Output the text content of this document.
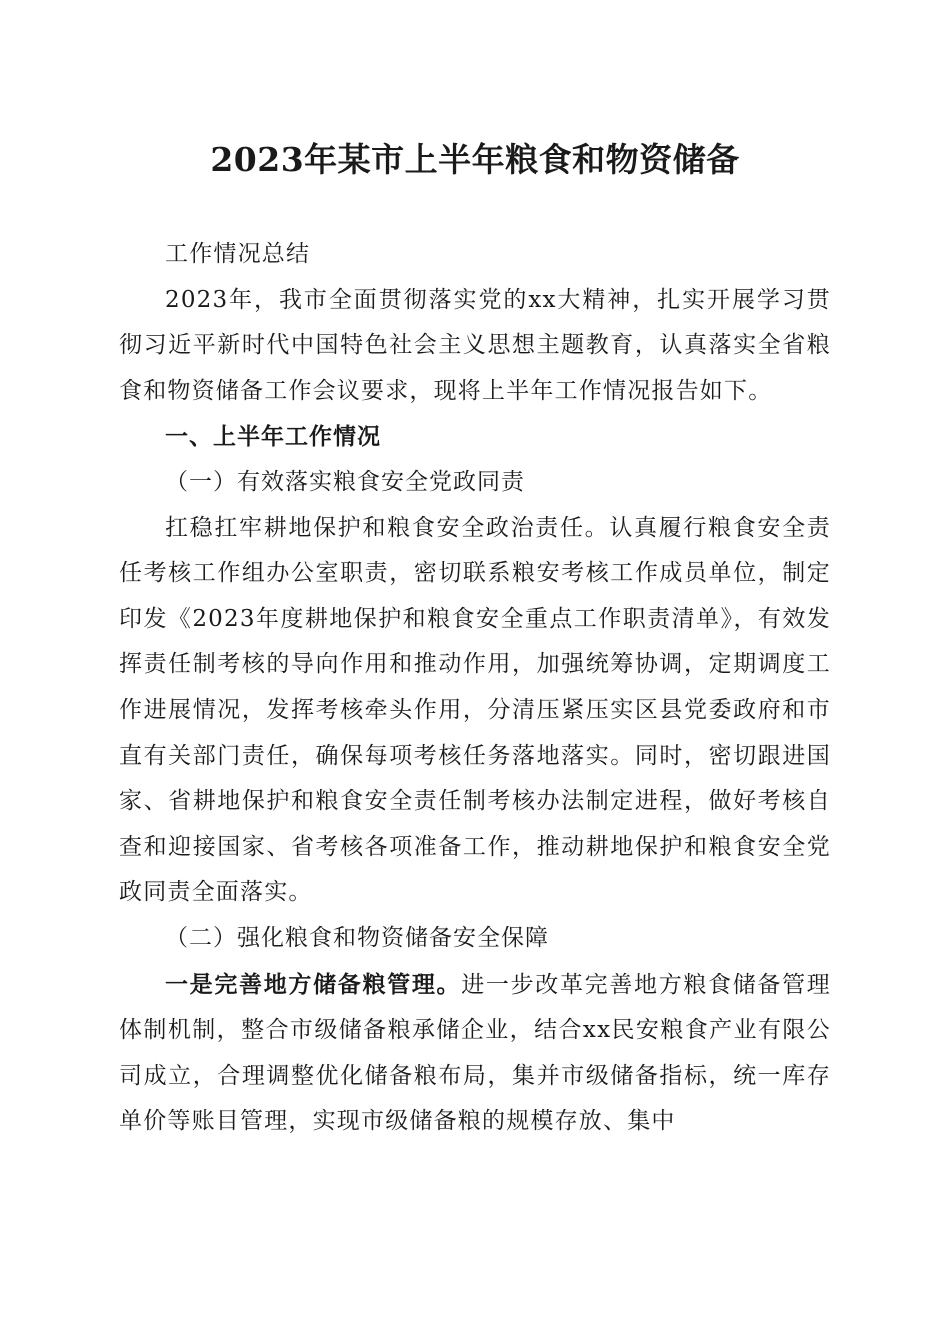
2023年某市上半年粮食和物资储备

工作情况总结

2023年，我市全面贯彻落实党的xx大精神，扎实开展学习贯彻习近平新时代中国特色社会主义思想主题教育，认真落实全省粮食和物资储备工作会议要求，现将上半年工作情况报告如下。

一、上半年工作情况

（一）有效落实粮食安全党政同责

扛稳扛牢耕地保护和粮食安全政治责任。认真履行粮食安全责任考核工作组办公室职责，密切联系粮安考核工作成员单位，制定印发《2023年度耕地保护和粮食安全重点工作职责清单》，有效发挥责任制考核的导向作用和推动作用，加强统筹协调，定期调度工作进展情况，发挥考核牵头作用，分清压紧压实区县党委政府和市直有关部门责任，确保每项考核任务落地落实。同时，密切跟进国家、省耕地保护和粮食安全责任制考核办法制定进程，做好考核自查和迎接国家、省考核各项准备工作，推动耕地保护和粮食安全党政同责全面落实。

（二）强化粮食和物资储备安全保障

一是完善地方储备粮管理。进一步改革完善地方粮食储备管理体制机制，整合市级储备粮承储企业，结合xx民安粮食产业有限公司成立，合理调整优化储备粮布局，集并市级储备指标，统一库存单价等账目管理，实现市级储备粮的规模存放、集中
